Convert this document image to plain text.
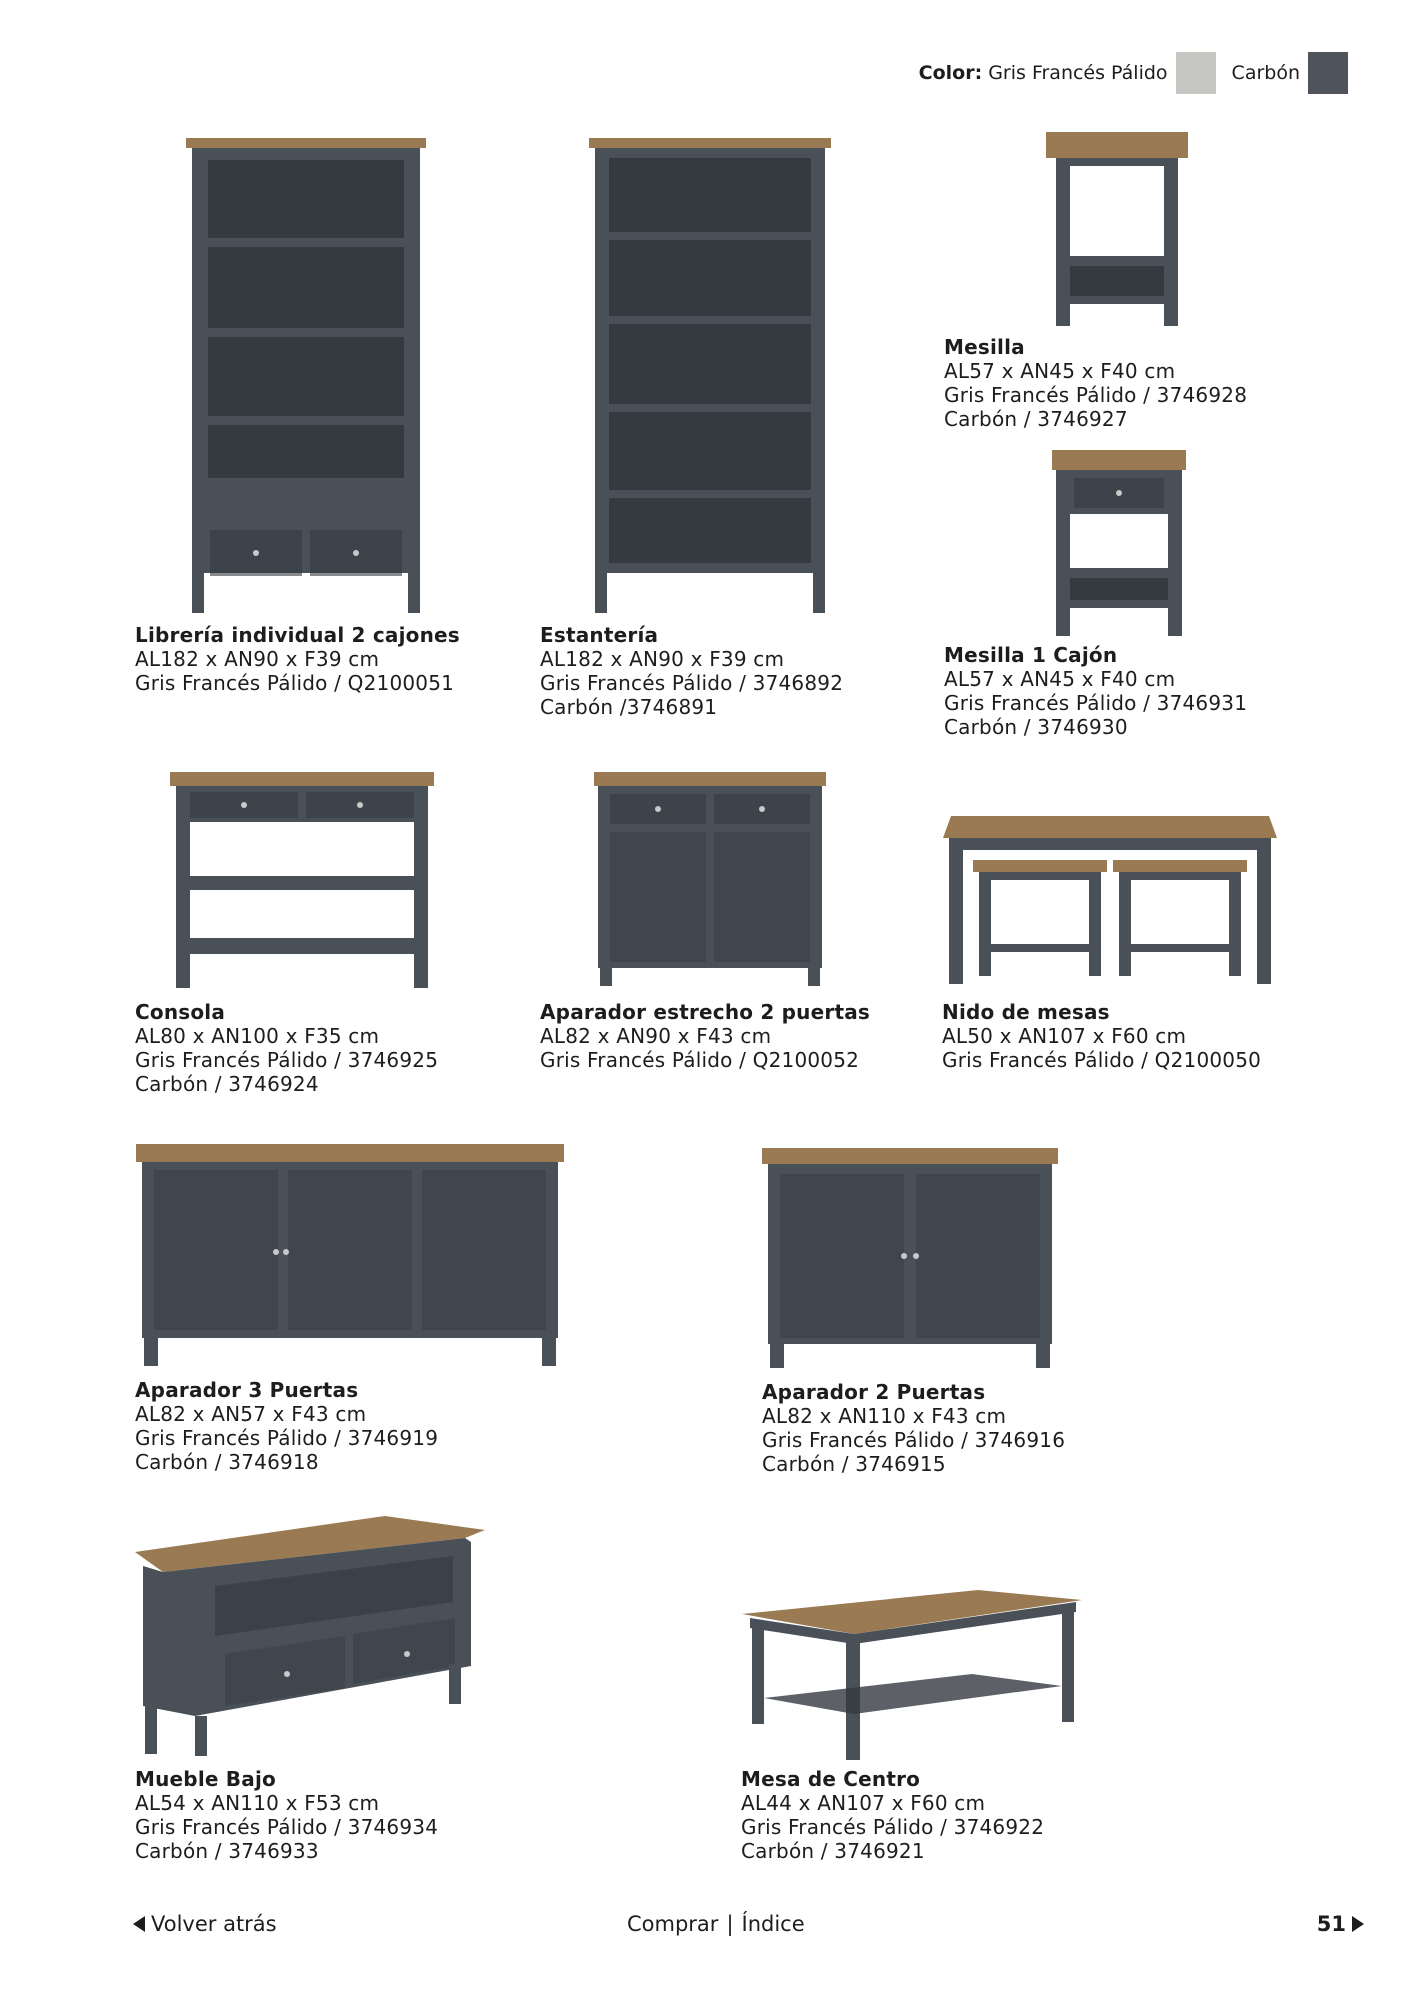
Color: Gris Francés Pálido	Carbón
Librería individual 2 cajones
AL182 x AN90 x F39 cm
Gris Francés Pálido / Q2100051
Estantería
AL182 x AN90 x F39 cm
Gris Francés Pálido / 3746892
Carbón /3746891
Mesilla
AL57 x AN45 x F40 cm
Gris Francés Pálido / 3746928
Carbón / 3746927
Mesilla 1 Cajón
AL57 x AN45 x F40 cm
Gris Francés Pálido / 3746931
Carbón / 3746930
Consola
AL80 x AN100 x F35 cm
Gris Francés Pálido / 3746925
Carbón / 3746924
Aparador estrecho 2 puertas
AL82 x AN90 x F43 cm
Gris Francés Pálido / Q2100052
Nido de mesas
AL50 x AN107 x F60 cm
Gris Francés Pálido / Q2100050
Aparador 3 Puertas
AL82 x AN57 x F43 cm
Gris Francés Pálido / 3746919
Carbón / 3746918
Aparador 2 Puertas
AL82 x AN110 x F43 cm
Gris Francés Pálido / 3746916
Carbón / 3746915
Mueble Bajo
AL54 x AN110 x F53 cm
Gris Francés Pálido / 3746934
Carbón / 3746933
Mesa de Centro
AL44 x AN107 x F60 cm
Gris Francés Pálido / 3746922
Carbón / 3746921
Volver atrás	Comprar | Índice	51
